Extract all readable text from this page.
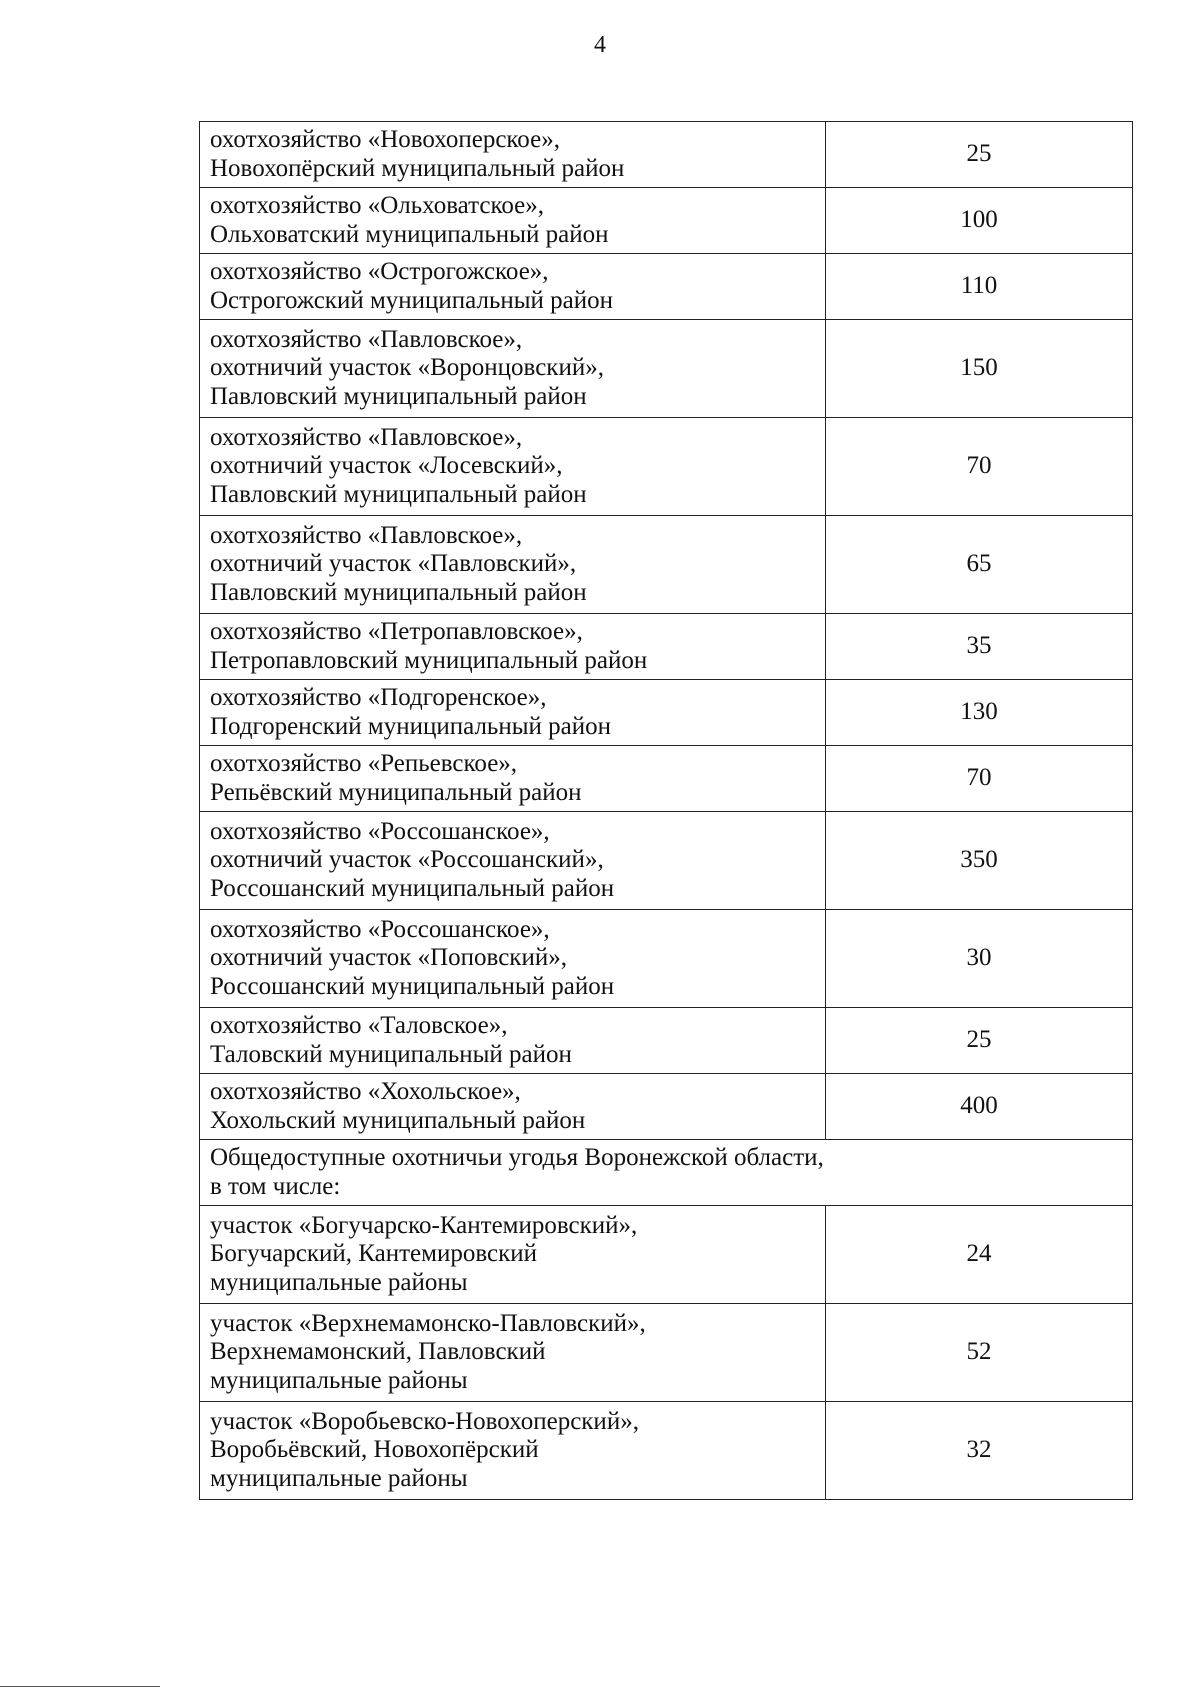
4
охотхозяйство «Новохоперское»,
Новохопёрский муниципальный район	25
охотхозяйство «Ольховатское»,
Ольховатский муниципальный район	100
охотхозяйство «Острогожское»,
Острогожский муниципальный район	110
охотхозяйство «Павловское»,
охотничий участок «Воронцовский»,
Павловский муниципальный район	150
охотхозяйство «Павловское»,
охотничий участок «Лосевский»,
Павловский муниципальный район	70
охотхозяйство «Павловское»,
охотничий участок «Павловский»,
Павловский муниципальный район	65
охотхозяйство «Петропавловское»,
Петропавловский муниципальный район	35
охотхозяйство «Подгоренское»,
Подгоренский муниципальный район	130
охотхозяйство «Репьевское»,
Репьёвский муниципальный район	70
охотхозяйство «Россошанское»,
охотничий участок «Россошанский»,
Россошанский муниципальный район	350
охотхозяйство «Россошанское»,
охотничий участок «Поповский»,
Россошанский муниципальный район	30
охотхозяйство «Таловское»,
Таловский муниципальный район	25
охотхозяйство «Хохольское»,
Хохольский муниципальный район	400
Общедоступные охотничьи угодья Воронежской области,
в том числе:	
участок «Богучарско-Кантемировский»,
Богучарский, Кантемировский
муниципальные районы	24
участок «Верхнемамонско-Павловский»,
Верхнемамонский, Павловский
муниципальные районы	52
участок «Воробьевско-Новохоперский»,
Воробьёвский, Новохопёрский
муниципальные районы	32
